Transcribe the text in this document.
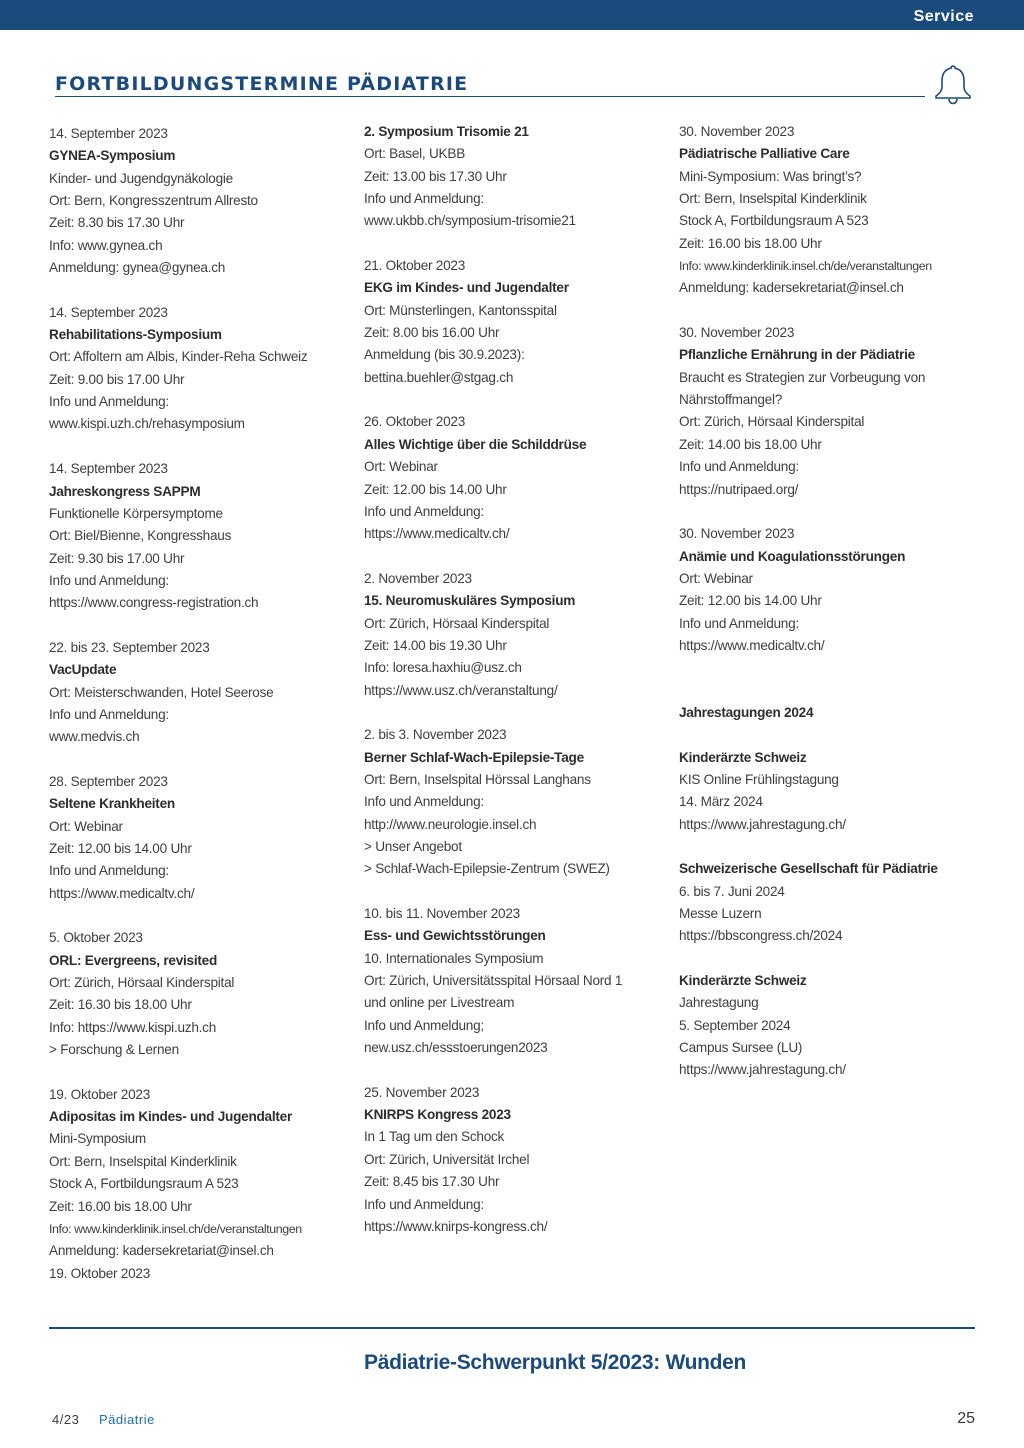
Service
FORTBILDUNGSTERMINE PÄDIATRIE
14. September 2023
GYNEA-Symposium
Kinder- und Jugendgynäkologie
Ort: Bern, Kongresszentrum Allresto
Zeit: 8.30 bis 17.30 Uhr
Info: www.gynea.ch
Anmeldung: gynea@gynea.ch
14. September 2023
Rehabilitations-Symposium
Ort: Affoltern am Albis, Kinder-Reha Schweiz
Zeit: 9.00 bis 17.00 Uhr
Info und Anmeldung:
www.kispi.uzh.ch/rehasymposium
14. September 2023
Jahreskongress SAPPM
Funktionelle Körpersymptome
Ort: Biel/Bienne, Kongresshaus
Zeit: 9.30 bis 17.00 Uhr
Info und Anmeldung:
https://www.congress-registration.ch
22. bis 23. September 2023
VacUpdate
Ort: Meisterschwanden, Hotel Seerose
Info und Anmeldung:
www.medvis.ch
28. September 2023
Seltene Krankheiten
Ort: Webinar
Zeit: 12.00 bis 14.00 Uhr
Info und Anmeldung:
https://www.medicaltv.ch/
5. Oktober 2023
ORL: Evergreens, revisited
Ort: Zürich, Hörsaal Kinderspital
Zeit: 16.30 bis 18.00 Uhr
Info: https://www.kispi.uzh.ch
> Forschung & Lernen
19. Oktober 2023
Adipositas im Kindes- und Jugendalter
Mini-Symposium
Ort: Bern, Inselspital Kinderklinik
Stock A, Fortbildungsraum A 523
Zeit: 16.00 bis 18.00 Uhr
Info: www.kinderklinik.insel.ch/de/veranstaltungen
Anmeldung: kadersekretariat@insel.ch
19. Oktober 2023
2. Symposium Trisomie 21
Ort: Basel, UKBB
Zeit: 13.00 bis 17.30 Uhr
Info und Anmeldung:
www.ukbb.ch/symposium-trisomie21
21. Oktober 2023
EKG im Kindes- und Jugendalter
Ort: Münsterlingen, Kantonsspital
Zeit: 8.00 bis 16.00 Uhr
Anmeldung (bis 30.9.2023):
bettina.buehler@stgag.ch
26. Oktober 2023
Alles Wichtige über die Schilddrüse
Ort: Webinar
Zeit: 12.00 bis 14.00 Uhr
Info und Anmeldung:
https://www.medicaltv.ch/
2. November 2023
15. Neuromuskuläres Symposium
Ort: Zürich, Hörsaal Kinderspital
Zeit: 14.00 bis 19.30 Uhr
Info: loresa.haxhiu@usz.ch
https://www.usz.ch/veranstaltung/
2. bis 3. November 2023
Berner Schlaf-Wach-Epilepsie-Tage
Ort: Bern, Inselspital Hörssal Langhans
Info und Anmeldung:
http://www.neurologie.insel.ch
> Unser Angebot
> Schlaf-Wach-Epilepsie-Zentrum (SWEZ)
10. bis 11. November 2023
Ess- und Gewichtsstörungen
10. Internationales Symposium
Ort: Zürich, Universitätsspital Hörsaal Nord 1
und online per Livestream
Info und Anmeldung;
new.usz.ch/essstoerungen2023
25. November 2023
KNIRPS Kongress 2023
In 1 Tag um den Schock
Ort: Zürich, Universität Irchel
Zeit: 8.45 bis 17.30 Uhr
Info und Anmeldung:
https://www.knirps-kongress.ch/
30. November 2023
Pädiatrische Palliative Care
Mini-Symposium: Was bringt’s?
Ort: Bern, Inselspital Kinderklinik
Stock A, Fortbildungsraum A 523
Zeit: 16.00 bis 18.00 Uhr
Info: www.kinderklinik.insel.ch/de/veranstaltungen
Anmeldung: kadersekretariat@insel.ch
30. November 2023
Pflanzliche Ernährung in der Pädiatrie
Braucht es Strategien zur Vorbeugung von
Nährstoffmangel?
Ort: Zürich, Hörsaal Kinderspital
Zeit: 14.00 bis 18.00 Uhr
Info und Anmeldung:
https://nutripaed.org/
30. November 2023
Anämie und Koagulationsstörungen
Ort: Webinar
Zeit: 12.00 bis 14.00 Uhr
Info und Anmeldung:
https://www.medicaltv.ch/
Jahrestagungen 2024
Kinderärzte Schweiz
KIS Online Frühlingstagung
14. März 2024
https://www.jahrestagung.ch/
Schweizerische Gesellschaft für Pädiatrie
6. bis 7. Juni 2024
Messe Luzern
https://bbscongress.ch/2024
Kinderärzte Schweiz
Jahrestagung
5. September 2024
Campus Sursee (LU)
https://www.jahrestagung.ch/
Pädiatrie-Schwerpunkt 5/2023: Wunden
4/23 Pädiatrie	25
